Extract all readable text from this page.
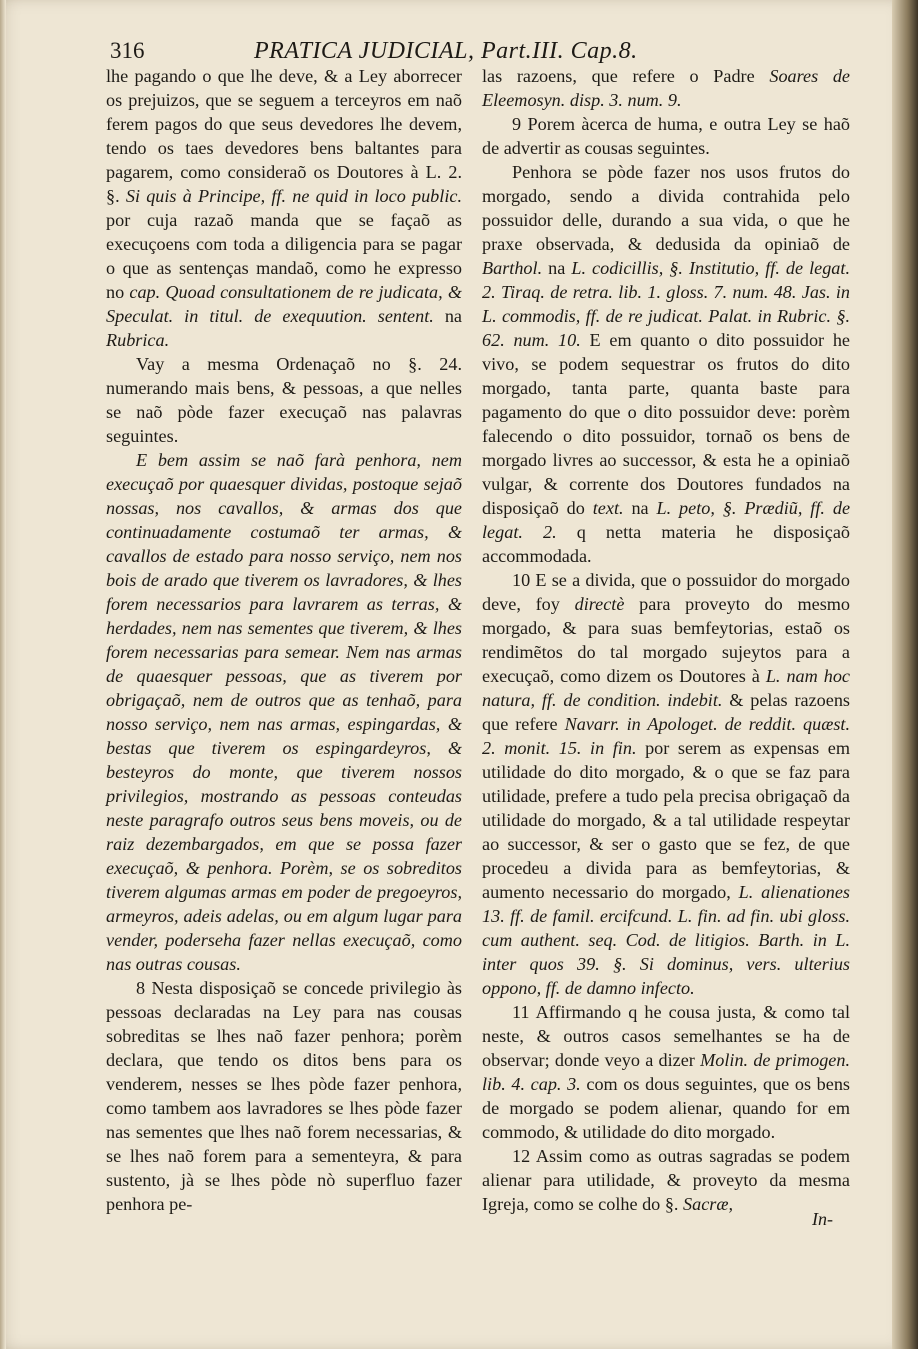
316	PRATICA JUDICIAL, Part.III. Cap.8.

lhe pagando o que lhe deve, & a Ley aborrecer os prejuizos, que se seguem a terceyros em naõ ferem pagos do que seus devedores lhe devem, tendo os taes devedores bens baltantes para pagarem, como consideraõ os Doutores à L. 2. §. Si quis à Principe, ff. ne quid in loco public. por cuja razaõ manda que se façaõ as execuçoens com toda a diligencia para se pagar o que as sentenças mandaõ, como he expresso no cap. Quoad consultationem de re judicata, & Speculat. in titul. de exequution. sentent. na Rubrica.

Vay a mesma Ordenaçaõ no §. 24. numerando mais bens, & pessoas, a que nelles se naõ pòde fazer execuçaõ nas palavras seguintes.

E bem assim se naõ farà penhora, nem execuçaõ por quaesquer dividas, postoque sejaõ nossas, nos cavallos, & armas dos que continuadamente costumaõ ter armas, & cavallos de estado para nosso serviço, nem nos bois de arado que tiverem os lavradores, & lhes forem necessarios para lavrarem as terras, & herdades, nem nas sementes que tiverem, & lhes forem necessarias para semear. Nem nas armas de quaesquer pessoas, que as tiverem por obrigaçaõ, nem de outros que as tenhaõ, para nosso serviço, nem nas armas, espingardas, & bestas que tiverem os espingardeyros, & besteyros do monte, que tiverem nossos privilegios, mostrando as pessoas conteudas neste paragrafo outros seus bens moveis, ou de raiz dezembargados, em que se possa fazer execuçaõ, & penhora. Porèm, se os sobreditos tiverem algumas armas em poder de pregoeyros, armeyros, adeis adelas, ou em algum lugar para vender, poderseha fazer nellas execuçaõ, como nas outras cousas.

8 Nesta disposiçaõ se concede privilegio às pessoas declaradas na Ley para nas cousas sobreditas se lhes naõ fazer penhora; porèm declara, que tendo os ditos bens para os venderem, nesses se lhes pòde fazer penhora, como tambem aos lavradores se lhes pòde fazer nas sementes que lhes naõ forem necessarias, & se lhes naõ forem para a sementeyra, & para sustento, jà se lhes pòde nò superfluo fazer penhora pe-

las razoens, que refere o Padre Soares de Eleemosyn. disp. 3. num. 9.

9 Porem àcerca de huma, e outra Ley se haõ de advertir as cousas seguintes.

Penhora se pòde fazer nos usos frutos do morgado, sendo a divida contrahida pelo possuidor delle, durando a sua vida, o que he praxe observada, & dedusida da opiniaõ de Barthol. na L. codicillis, §. Institutio, ff. de legat. 2. Tiraq. de retra. lib. 1. gloss. 7. num. 48. Jas. in L. commodis, ff. de re judicat. Palat. in Rubric. §. 62. num. 10. E em quanto o dito possuidor he vivo, se podem sequestrar os frutos do dito morgado, tanta parte, quanta baste para pagamento do que o dito possuidor deve: porèm falecendo o dito possuidor, tornaõ os bens de morgado livres ao successor, & esta he a opiniaõ vulgar, & corrente dos Doutores fundados na disposiçaõ do text. na L. peto, §. Prædiũ, ff. de legat. 2. q netta materia he disposiçaõ accommodada.

10 E se a divida, que o possuidor do morgado deve, foy directè para proveyto do mesmo morgado, & para suas bemfeytorias, estaõ os rendimẽtos do tal morgado sujeytos para a execuçaõ, como dizem os Doutores à L. nam hoc natura, ff. de condition. indebit. & pelas razoens que refere Navarr. in Apologet. de reddit. quæst. 2. monit. 15. in fin. por serem as expensas em utilidade do dito morgado, & o que se faz para utilidade, prefere a tudo pela precisa obrigaçaõ da utilidade do morgado, & a tal utilidade respeytar ao successor, & ser o gasto que se fez, de que procedeu a divida para as bemfeytorias, & aumento necessario do morgado, L. alienationes 13. ff. de famil. ercifcund. L. fin. ad fin. ubi gloss. cum authent. seq. Cod. de litigios. Barth. in L. inter quos 39. §. Si dominus, vers. ulterius oppono, ff. de damno infecto.

11 Affirmando q he cousa justa, & como tal neste, & outros casos semelhantes se ha de observar; donde veyo a dizer Molin. de primogen. lib. 4. cap. 3. com os dous seguintes, que os bens de morgado se podem alienar, quando for em commodo, & utilidade do dito morgado.

12 Assim como as outras sagradas se podem alienar para utilidade, & proveyto da mesma Igreja, como se colhe do §. Sacræ,

In-
